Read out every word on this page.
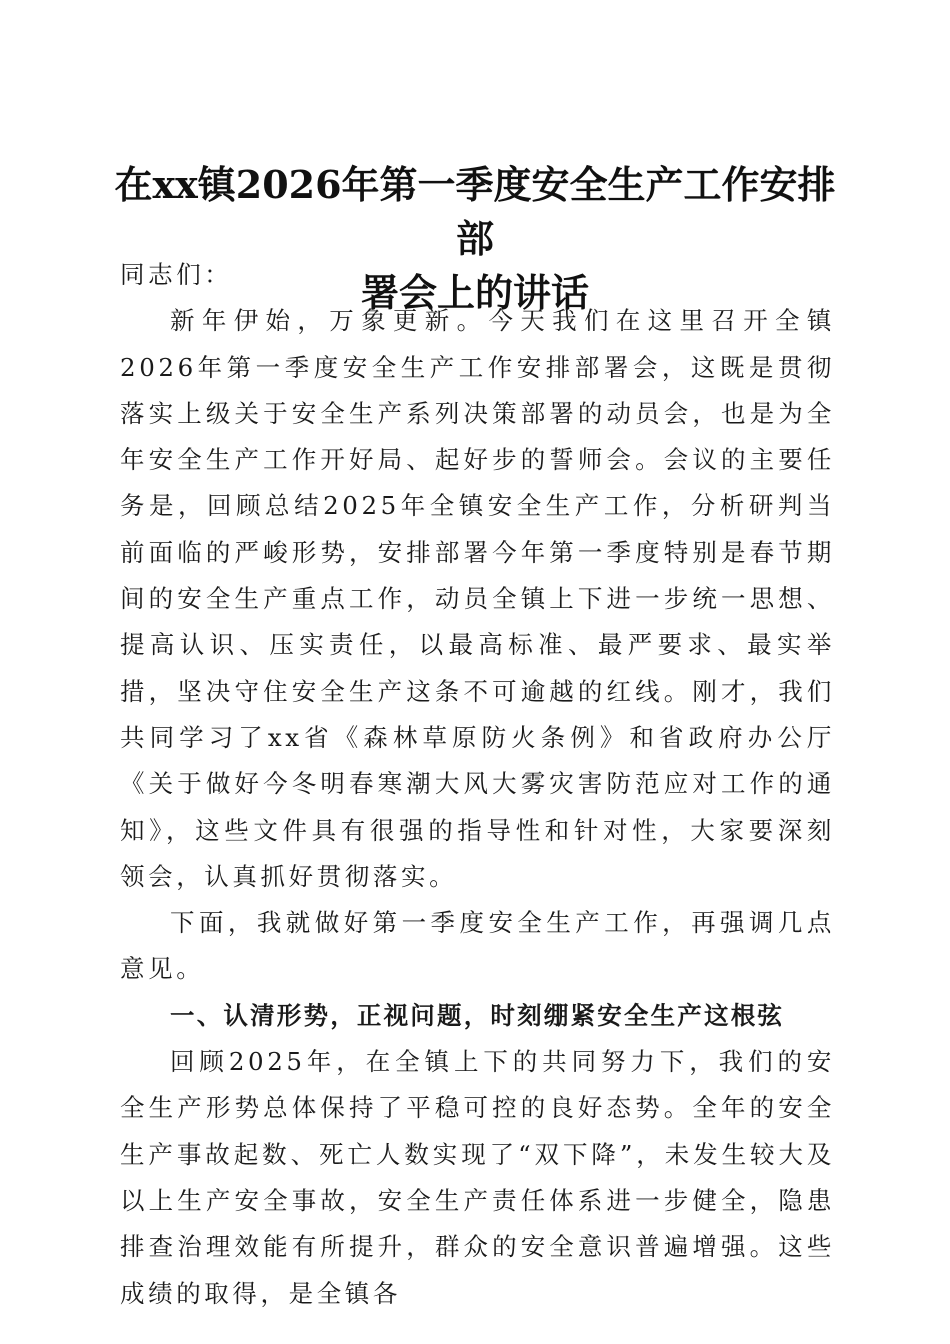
在xx镇2026年第一季度安全生产工作安排部
署会上的讲话

同志们：

新年伊始，万象更新。今天我们在这里召开全镇2026年第一季度安全生产工作安排部署会，这既是贯彻落实上级关于安全生产系列决策部署的动员会，也是为全年安全生产工作开好局、起好步的誓师会。会议的主要任务是，回顾总结2025年全镇安全生产工作，分析研判当前面临的严峻形势，安排部署今年第一季度特别是春节期间的安全生产重点工作，动员全镇上下进一步统一思想、提高认识、压实责任，以最高标准、最严要求、最实举措，坚决守住安全生产这条不可逾越的红线。刚才，我们共同学习了xx省《森林草原防火条例》和省政府办公厅《关于做好今冬明春寒潮大风大雾灾害防范应对工作的通知》，这些文件具有很强的指导性和针对性，大家要深刻领会，认真抓好贯彻落实。

下面，我就做好第一季度安全生产工作，再强调几点意见。

一、认清形势，正视问题，时刻绷紧安全生产这根弦

回顾2025年，在全镇上下的共同努力下，我们的安全生产形势总体保持了平稳可控的良好态势。全年的安全生产事故起数、死亡人数实现了“双下降”，未发生较大及以上生产安全事故，安全生产责任体系进一步健全，隐患排查治理效能有所提升，群众的安全意识普遍增强。这些成绩的取得，是全镇各
